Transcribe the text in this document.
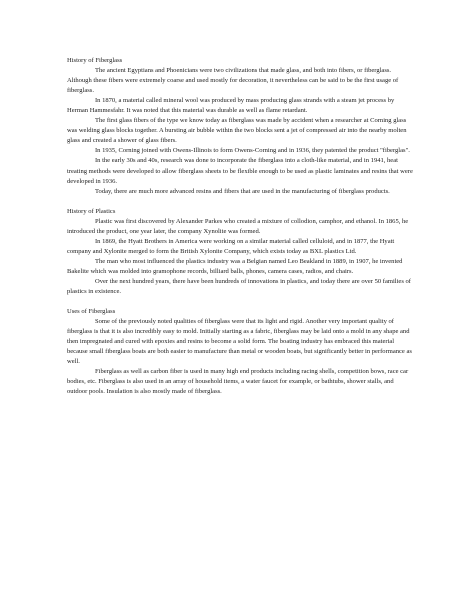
History of Fiberglass

The ancient Egyptians and Phoenicians were two civilizations that made glass, and both into fibers, or fiberglass. Although these fibers were extremely coarse and used mostly for decoration, it nevertheless can be said to be the first usage of fiberglass.

In 1870, a material called mineral wool was produced by mass producing glass strands with a steam jet process by Herman Hammesfahr. It was noted that this material was durable as well as flame retardant.

The first glass fibers of the type we know today as fiberglass was made by accident when a researcher at Corning glass was welding glass blocks together. A bursting air bubble within the two blocks sent a jet of compressed air into the nearby molten glass and created a shower of glass fibers.

In 1935, Corning joined with Owens-Illinois to form Owens-Corning and in 1936, they patented the product "fiberglas".

In the early 30s and 40s, research was done to incorporate the fiberglass into a cloth-like material, and in 1941, heat treating methods were developed to allow fiberglass sheets to be flexible enough to be used as plastic laminates and resins that were developed in 1936.

Today, there are much more advanced resins and fibers that are used in the manufacturing of fiberglass products.

History of Plastics

Plastic was first discovered by Alexander Parkes who created a mixture of collodion, camphor, and ethanol. In 1865, he introduced the product, one year later, the company Xynolite was formed.

In 1869, the Hyatt Brothers in America were working on a similar material called celluloid, and in 1877, the Hyatt company and Xylonite merged to form the British Xylonite Company, which exists today as BXL plastics Ltd.

The man who most influenced the plastics industry was a Belgian named Leo Beakland in 1889, in 1907, he invented Bakelite which was molded into gramophone records, billiard balls, phones, camera cases, radios, and chairs.

Over the next hundred years, there have been hundreds of innovations in plastics, and today there are over 50 families of plastics in existence.

Uses of Fiberglass

Some of the previously noted qualities of fiberglass were that its light and rigid. Another very important quality of fiberglass is that it is also incredibly easy to mold. Initially starting as a fabric, fiberglass may be laid onto a mold in any shape and then impregnated and cured with epoxies and resins to become a solid form. The boating industry has embraced this material because small fiberglass boats are both easier to manufacture than metal or wooden boats, but significantly better in performance as well.

Fiberglass as well as carbon fiber is used in many high end products including racing shells, competition bows, race car bodies, etc. Fiberglass is also used in an array of household items, a water faucet for example, or bathtubs, shower stalls, and outdoor pools. Insulation is also mostly made of fiberglass.
